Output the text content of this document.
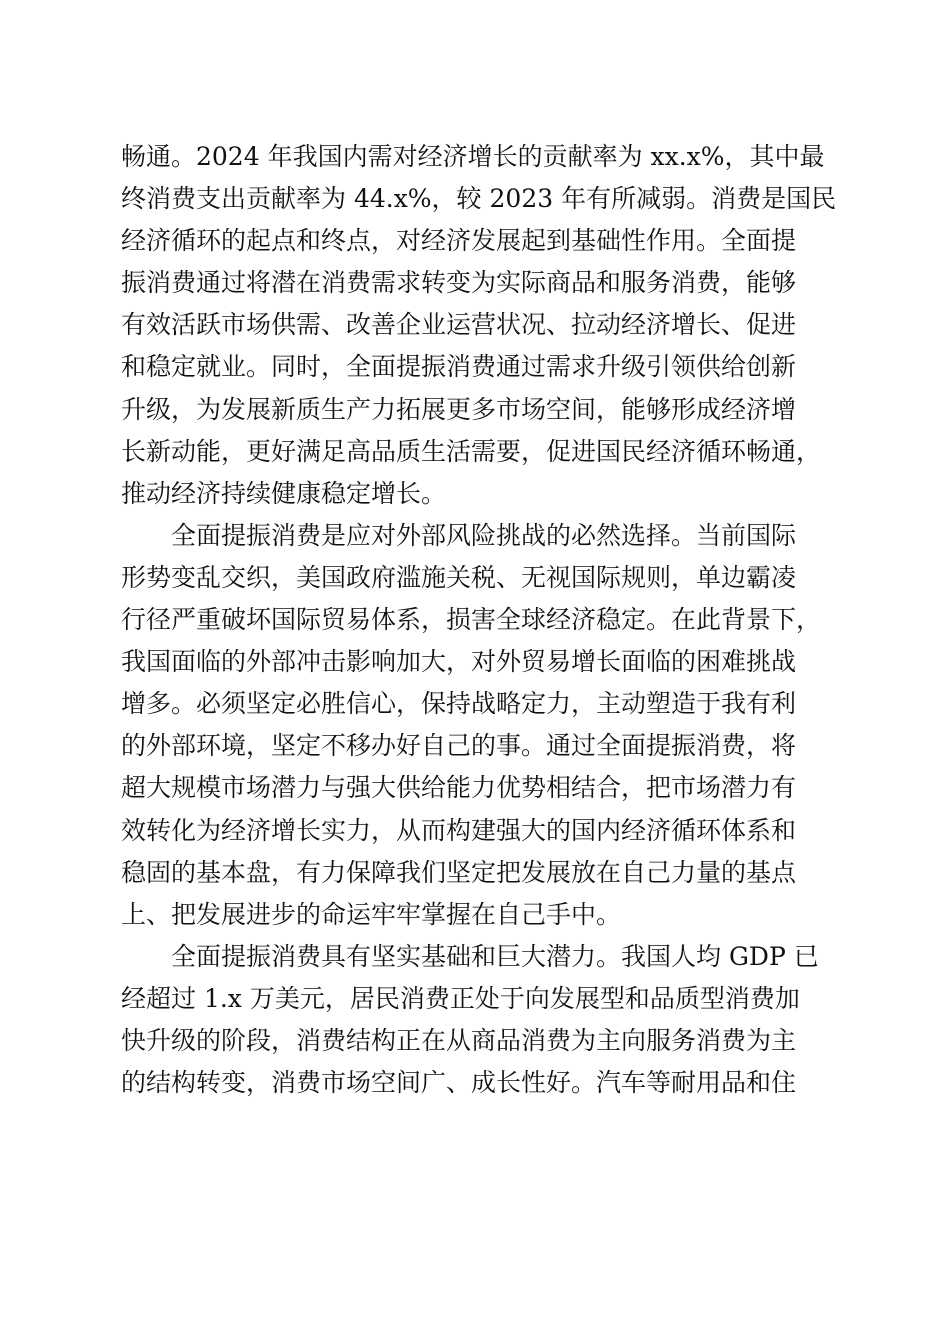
畅通。2024 年我国内需对经济增长的贡献率为 xx.x%，其中最
终消费支出贡献率为 44.x%，较 2023 年有所减弱。消费是国民
经济循环的起点和终点，对经济发展起到基础性作用。全面提
振消费通过将潜在消费需求转变为实际商品和服务消费，能够
有效活跃市场供需、改善企业运营状况、拉动经济增长、促进
和稳定就业。同时，全面提振消费通过需求升级引领供给创新
升级，为发展新质生产力拓展更多市场空间，能够形成经济增
长新动能，更好满足高品质生活需要，促进国民经济循环畅通，
推动经济持续健康稳定增长。
　　全面提振消费是应对外部风险挑战的必然选择。当前国际
形势变乱交织，美国政府滥施关税、无视国际规则，单边霸凌
行径严重破坏国际贸易体系，损害全球经济稳定。在此背景下，
我国面临的外部冲击影响加大，对外贸易增长面临的困难挑战
增多。必须坚定必胜信心，保持战略定力，主动塑造于我有利
的外部环境，坚定不移办好自己的事。通过全面提振消费，将
超大规模市场潜力与强大供给能力优势相结合，把市场潜力有
效转化为经济增长实力，从而构建强大的国内经济循环体系和
稳固的基本盘，有力保障我们坚定把发展放在自己力量的基点
上、把发展进步的命运牢牢掌握在自己手中。
　　全面提振消费具有坚实基础和巨大潜力。我国人均 GDP 已
经超过 1.x 万美元，居民消费正处于向发展型和品质型消费加
快升级的阶段，消费结构正在从商品消费为主向服务消费为主
的结构转变，消费市场空间广、成长性好。汽车等耐用品和住
